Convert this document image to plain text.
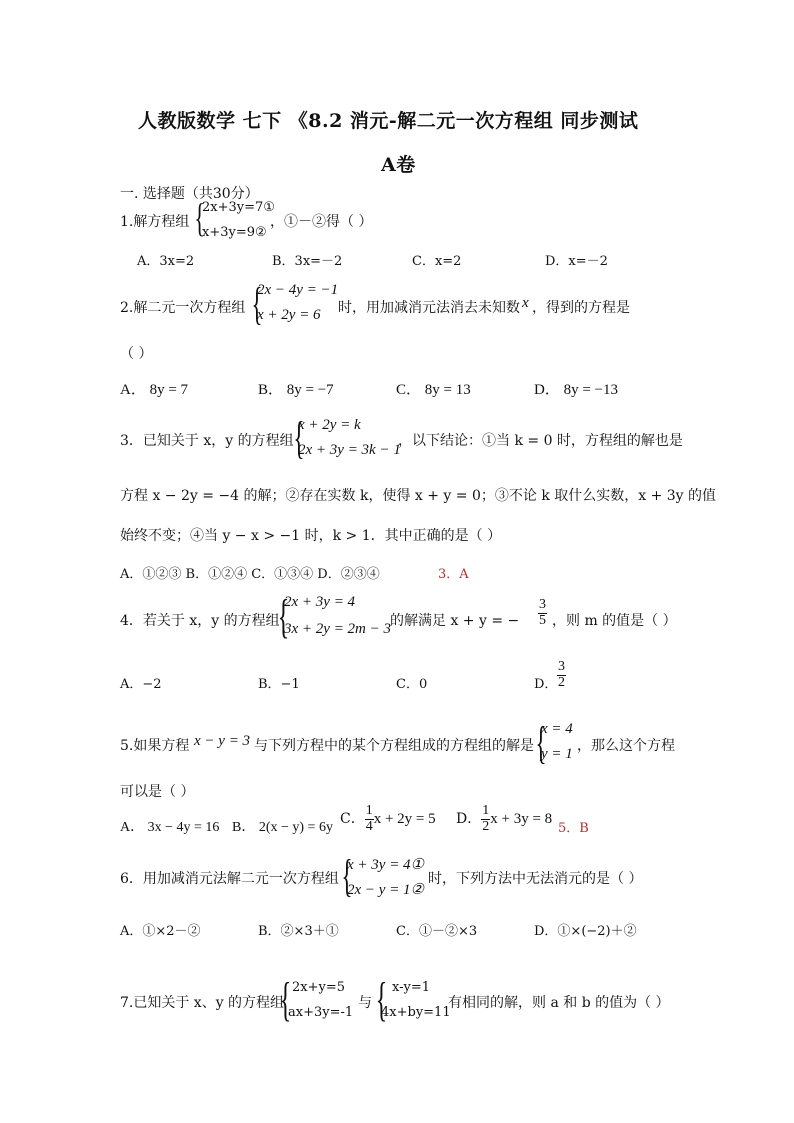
人教版数学 七下 《8.2 消元-解二元一次方程组 同步测试
A卷
一. 选择题（共30分）
1.解方程组 {
2x+3y=7①
x+3y=9②
，①－②得（ ）
A．3x=2	B．3x=－2	C．x=2	D．x=－2
2.解二元一次方程组 {
2x − 4y = −1
x + 2y = 6 时，用加减消元法消去未知数 x ，得到的方程是
（ ）
A． 8y = 7	B． 8y = −7	C． 8y = 13	D． 8y = −13
3．已知关于 x，y 的方程组 {
x + 2y = k
2x + 3y = 3k − 1
，以下结论：①当 k = 0 时，方程组的解也是
方程 x − 2y = −4 的解；②存在实数 k，使得 x + y = 0；③不论 k 取什么实数，x + 3y 的值
始终不变；④当 y − x > −1 时，k > 1．其中正确的是（ ）
A．①②③ B．①②④ C．①③④ D．②③④	3．A
4．若关于 x，y 的方程组
{
2x + 3y = 4
3x + 2y = 2m − 3
的解满足 x + y = − $\frac{3}{5}$ ，则 m 的值是（ ）
A．−2	B．−1	C．0	D． $\frac{3}{2}$
5.如果方程 x − y = 3 与下列方程中的某个方程组成的方程组的解是 {
x = 4
y = 1 ，那么这个方程
可以是（ ）
A． 3x − 4y = 16 B． 2(x − y) = 6y
C． $\frac{1}{4}$ x + 2y = 5 D． $\frac{1}{2}$ x + 3y = 8
5．B
6．用加减消元法解二元一次方程组 {
x + 3y = 4①
2x − y = 1②
时，下列方法中无法消元的是（ ）
A．①×2－②	B．②×3＋①	C．①－②×3	D．①×(−2)＋②
7.已知关于 x、y 的方程组
{ 2x+y=5
ax+3y=-1
与 { x-y=1
4x+by=11
有相同的解，则 a 和 b 的值为（ ）
